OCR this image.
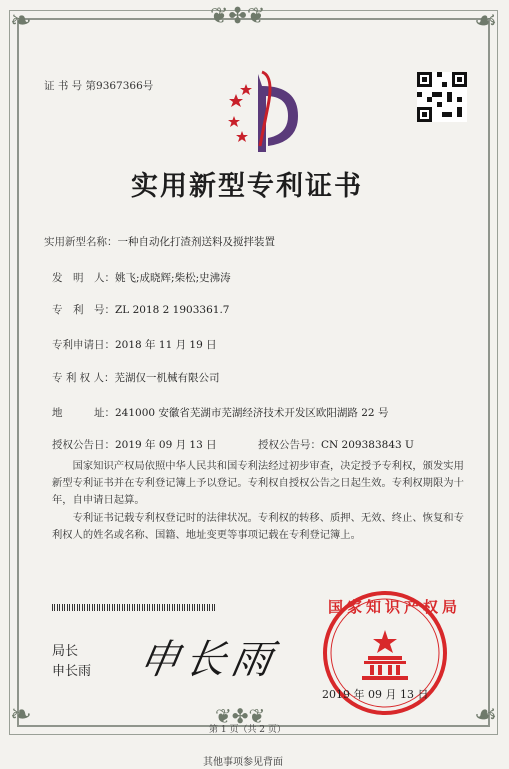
❦✤❦
❧	☙
❧	☙
❦✤❦
证 书 号 第9367366号
实用新型专利证书
实用新型名称：一种自动化打渣剂送料及搅拌装置
发　明　人：姚飞;成晓辉;柴松;史沸涛
专　利　号：ZL 2018 2 1903361.7
专利申请日：2018 年 11 月 19 日
专 利 权 人：芜湖仅一机械有限公司
地　　　址：241000 安徽省芜湖市芜湖经济技术开发区欧阳湖路 22 号
授权公告日：2019 年 09 月 13 日	授权公告号：CN 209383843 U
　　国家知识产权局依照中华人民共和国专利法经过初步审查，决定授予专利权，颁发实用新型专利证书并在专利登记簿上予以登记。专利权自授权公告之日起生效。专利权期限为十年，自申请日起算。
　　专利证书记载专利权登记时的法律状况。专利权的转移、质押、无效、终止、恢复和专利权人的姓名或名称、国籍、地址变更等事项记载在专利登记簿上。
局长
申长雨 申长雨
国家知识产权局
2019 年 09 月 13 日
第 1 页（共 2 页）
其他事项参见背面
